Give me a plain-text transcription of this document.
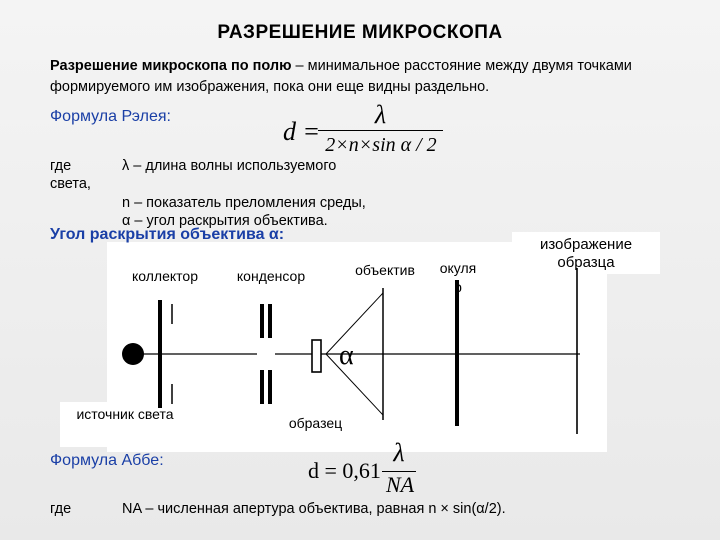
РАЗРЕШЕНИЕ МИКРОСКОПА
Разрешение микроскопа по полю – минимальное расстояние между двумя точками формируемого им изображения, пока они еще видны раздельно.
Формула Рэлея:
d =
λ
2×n×sin α / 2
где	λ – длина волны используемого
света,
n – показатель преломления среды,
α – угол раскрытия объектива.
Угол раскрытия объектива α:
коллектор	конденсор	объектив	окуля р
изображение образца
источник света
образец
α
Формула Аббе:	d = 0,61
λ
NA
где	NA – численная апертура объектива, равная n × sin(α/2).
